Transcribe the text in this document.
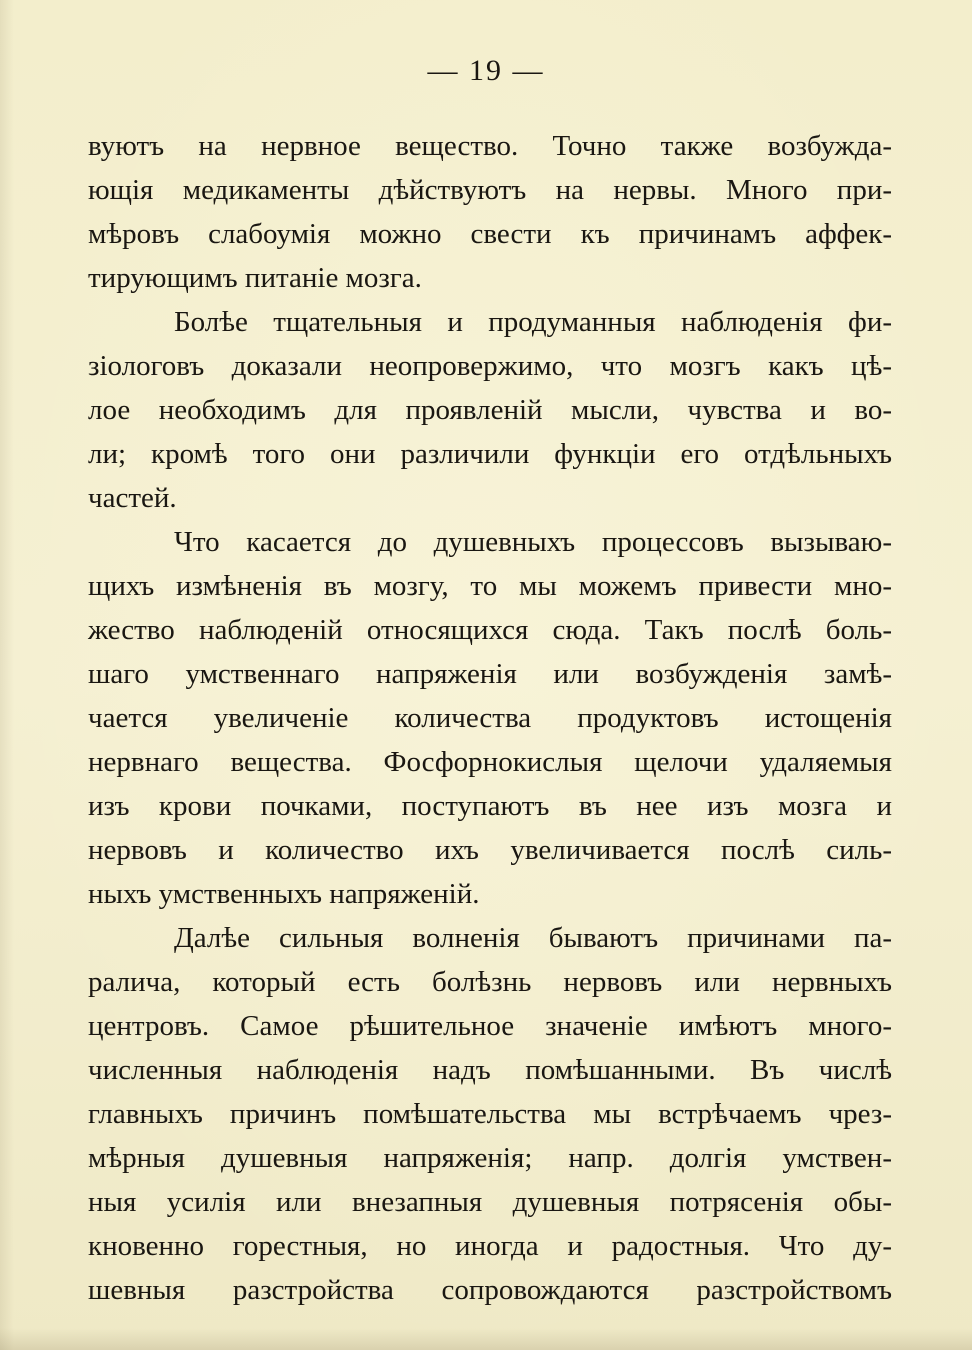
— 19 —
вуютъ на нервное вещество. Точно также возбужда-
ющія медикаменты дѣйствуютъ на нервы. Много при-
мѣровъ слабоумія можно свести къ причинамъ аффек-
тирующимъ питаніе мозга.
Болѣе тщательныя и продуманныя наблюденія фи-
зіологовъ доказали неопровержимо, что мозгъ какъ цѣ-
лое необходимъ для проявленій мысли, чувства и во-
ли; кромѣ того они различили функціи его отдѣльныхъ
частей.
Что касается до душевныхъ процессовъ вызываю-
щихъ измѣненія въ мозгу, то мы можемъ привести мно-
жество наблюденій относящихся сюда. Такъ послѣ боль-
шаго умственнаго напряженія или возбужденія замѣ-
чается увеличеніе количества продуктовъ истощенія
нервнаго вещества. Фосфорнокислыя щелочи удаляемыя
изъ крови почками, поступаютъ въ нее изъ мозга и
нервовъ и количество ихъ увеличивается послѣ силь-
ныхъ умственныхъ напряженій.
Далѣе сильныя волненія бываютъ причинами па-
ралича, который есть болѣзнь нервовъ или нервныхъ
центровъ. Самое рѣшительное значеніе имѣютъ много-
численныя наблюденія надъ помѣшанными. Въ числѣ
главныхъ причинъ помѣшательства мы встрѣчаемъ чрез-
мѣрныя душевныя напряженія; напр. долгія умствен-
ныя усилія или внезапныя душевныя потрясенія обы-
кновенно горестныя, но иногда и радостныя. Что ду-
шевныя разстройства сопровождаются разстройствомъ
